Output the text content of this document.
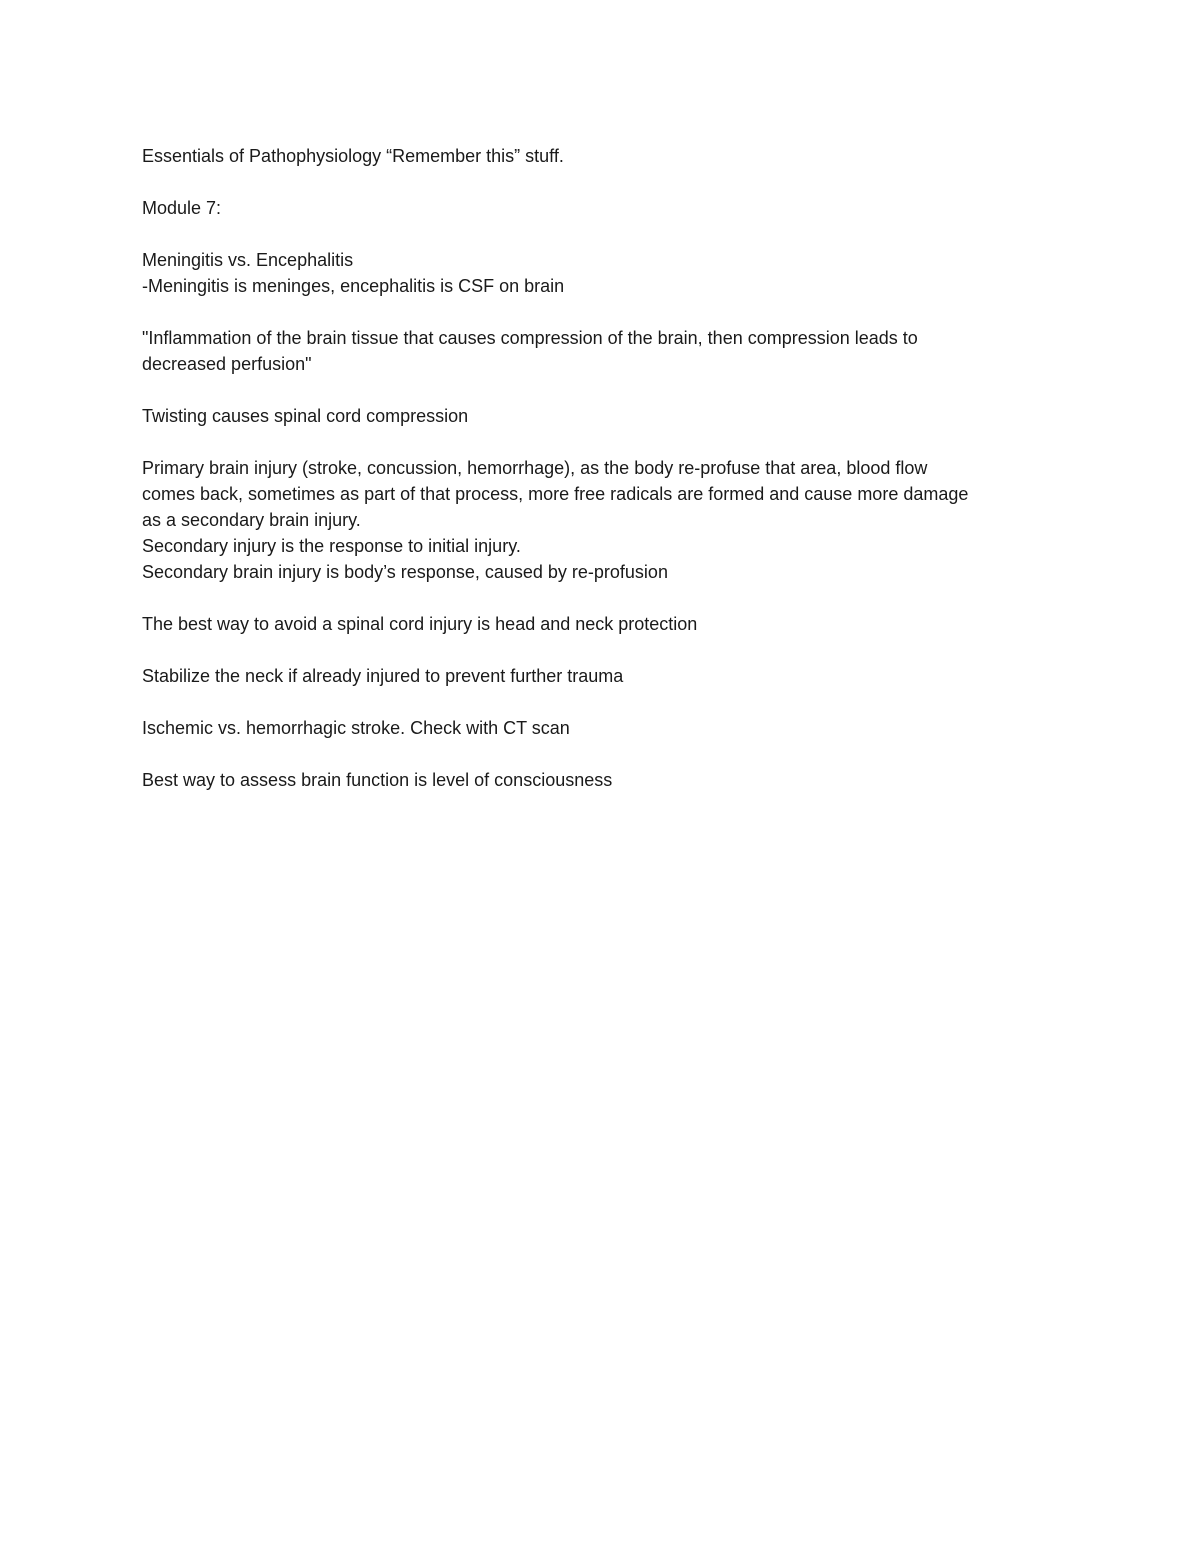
Essentials of Pathophysiology “Remember this” stuff.
Module 7:
Meningitis vs. Encephalitis
-Meningitis is meninges, encephalitis is CSF on brain
"Inflammation of the brain tissue that causes compression of the brain, then compression leads to
decreased perfusion"
Twisting causes spinal cord compression
Primary brain injury (stroke, concussion, hemorrhage), as the body re-profuse that area, blood flow
comes back, sometimes as part of that process, more free radicals are formed and cause more damage
as a secondary brain injury.
Secondary injury is the response to initial injury.
Secondary brain injury is body’s response, caused by re-profusion
The best way to avoid a spinal cord injury is head and neck protection
Stabilize the neck if already injured to prevent further trauma
Ischemic vs. hemorrhagic stroke. Check with CT scan
Best way to assess brain function is level of consciousness
